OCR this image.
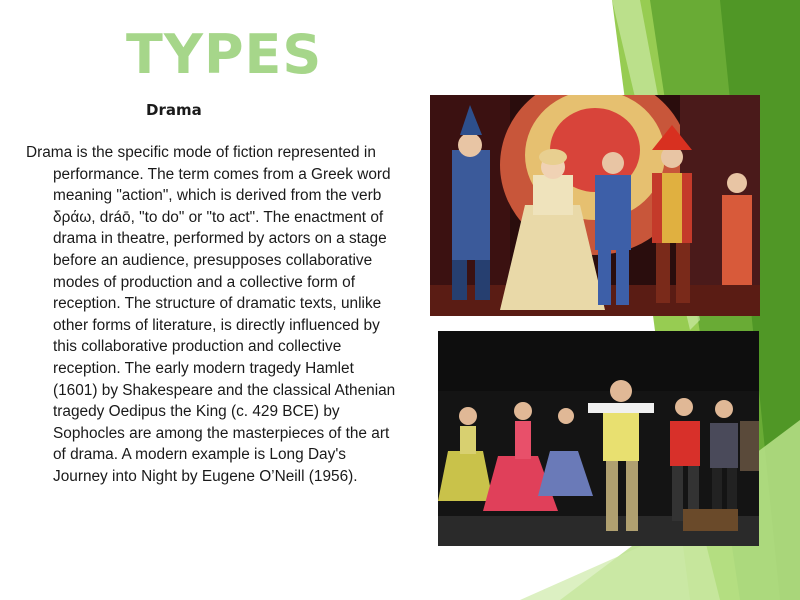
TYPES
Drama

Drama is the specific mode of fiction represented in performance. The term comes from a Greek word meaning "action", which is derived from the verb δράω, dráō, "to do" or "to act". The enactment of drama in theatre, performed by actors on a stage before an audience, presupposes collaborative modes of production and a collective form of reception. The structure of dramatic texts, unlike other forms of literature, is directly influenced by this collaborative production and collective reception. The early modern tragedy Hamlet (1601) by Shakespeare and the classical Athenian tragedy Oedipus the King (c. 429 BCE) by Sophocles are among the masterpieces of the art of drama. A modern example is Long Day's Journey into Night by Eugene O’Neill (1956).
